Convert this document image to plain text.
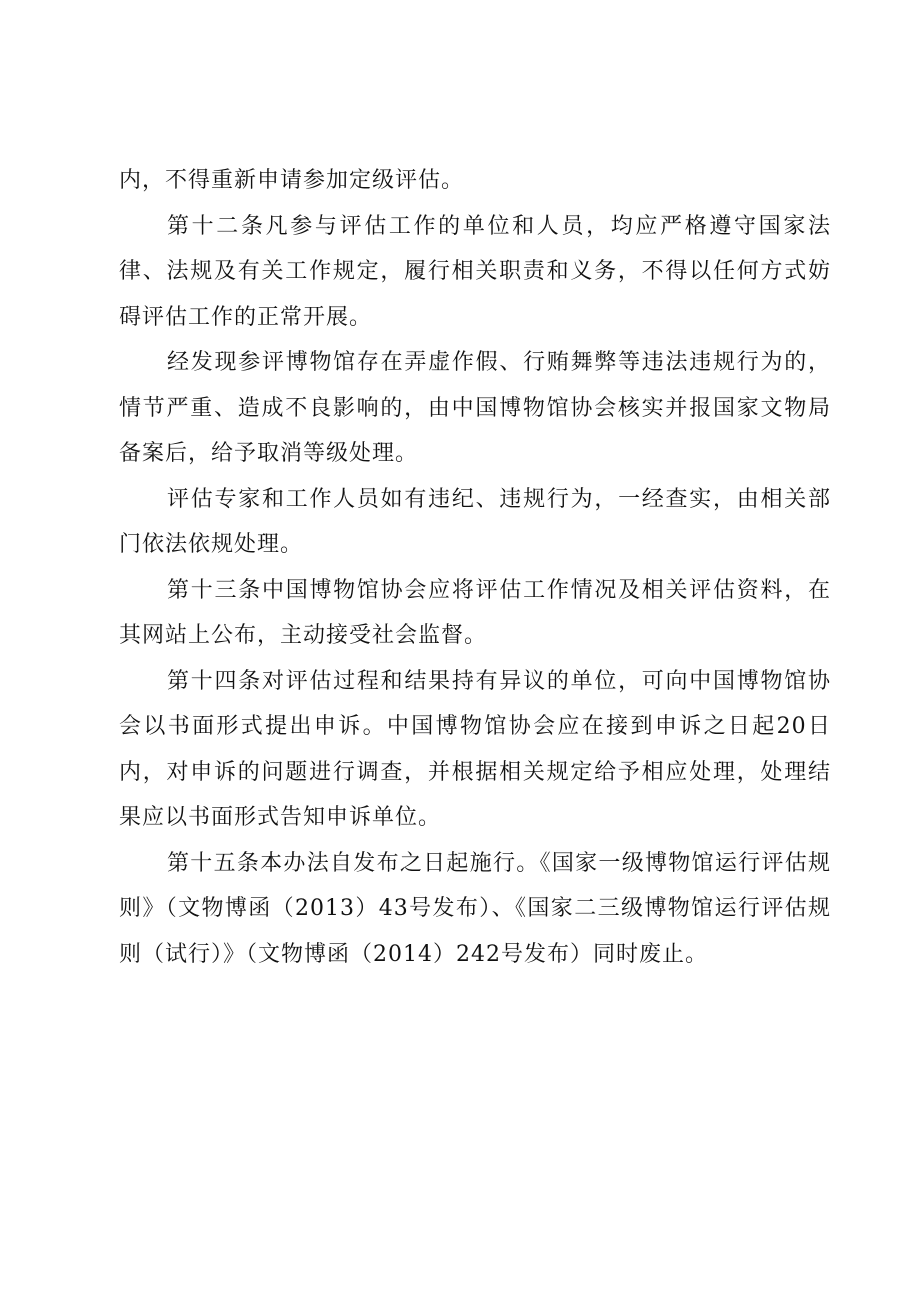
内，不得重新申请参加定级评估。

第十二条凡参与评估工作的单位和人员，均应严格遵守国家法律、法规及有关工作规定，履行相关职责和义务，不得以任何方式妨碍评估工作的正常开展。

经发现参评博物馆存在弄虚作假、行贿舞弊等违法违规行为的，情节严重、造成不良影响的，由中国博物馆协会核实并报国家文物局备案后，给予取消等级处理。

评估专家和工作人员如有违纪、违规行为，一经查实，由相关部门依法依规处理。

第十三条中国博物馆协会应将评估工作情况及相关评估资料，在其网站上公布，主动接受社会监督。

第十四条对评估过程和结果持有异议的单位，可向中国博物馆协会以书面形式提出申诉。中国博物馆协会应在接到申诉之日起20日内，对申诉的问题进行调查，并根据相关规定给予相应处理，处理结果应以书面形式告知申诉单位。

第十五条本办法自发布之日起施行。《国家一级博物馆运行评估规则》（文物博函（2013）43号发布）、《国家二三级博物馆运行评估规则（试行）》（文物博函（2014）242号发布）同时废止。
